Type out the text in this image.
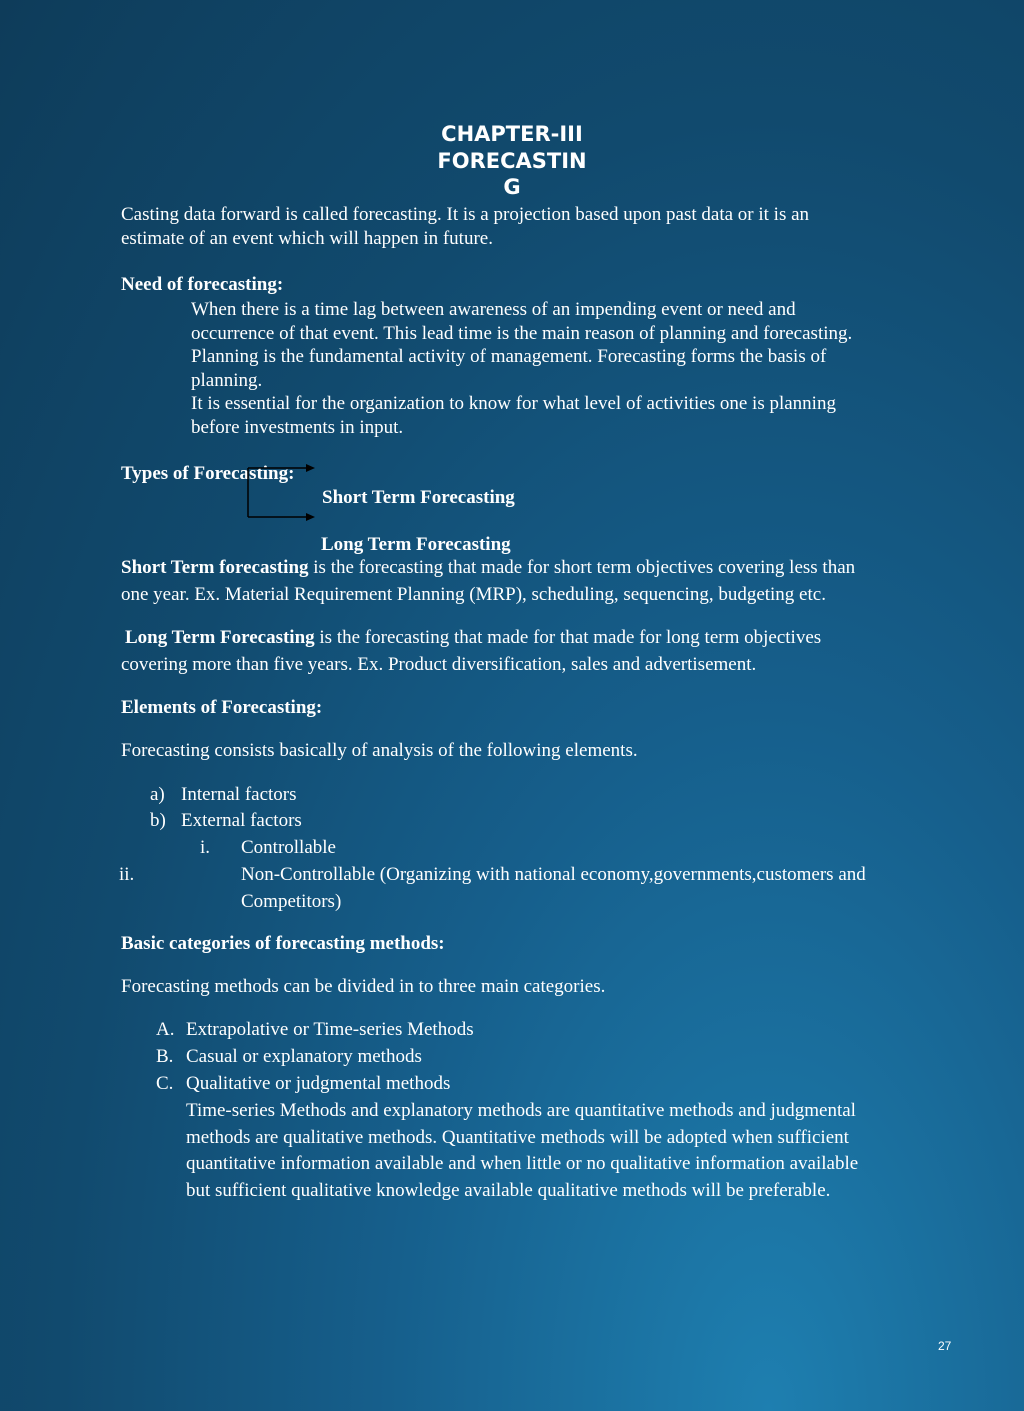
CHAPTER-III
FORECASTIN
G
Casting data forward is called forecasting. It is a projection based upon past data or it is an
estimate of an event which will happen in future.
Need of forecasting:
When there is a time lag between awareness of an impending event or need and
occurrence of that event. This lead time is the main reason of planning and forecasting.
Planning is the fundamental activity of management. Forecasting forms the basis of
planning.
It is essential for the organization to know for what level of activities one is planning
before investments in input.
Types of Forecasting:
Short Term Forecasting
Long Term Forecasting
Short Term forecasting is the forecasting that made for short term objectives covering less than
one year. Ex. Material Requirement Planning (MRP), scheduling, sequencing, budgeting etc.
Long Term Forecasting is the forecasting that made for that made for long term objectives
covering more than five years. Ex. Product diversification, sales and advertisement.
Elements of Forecasting:
Forecasting consists basically of analysis of the following elements.
a) Internal factors
b) External factors
i. Controllable
ii.	Non-Controllable (Organizing with national economy,governments,customers and
Competitors)
Basic categories of forecasting methods:
Forecasting methods can be divided in to three main categories.
A. Extrapolative or Time-series Methods
B. Casual or explanatory methods
C. Qualitative or judgmental methods
Time-series Methods and explanatory methods are quantitative methods and judgmental
methods are qualitative methods. Quantitative methods will be adopted when sufficient
quantitative information available and when little or no qualitative information available
but sufficient qualitative knowledge available qualitative methods will be preferable.
27
